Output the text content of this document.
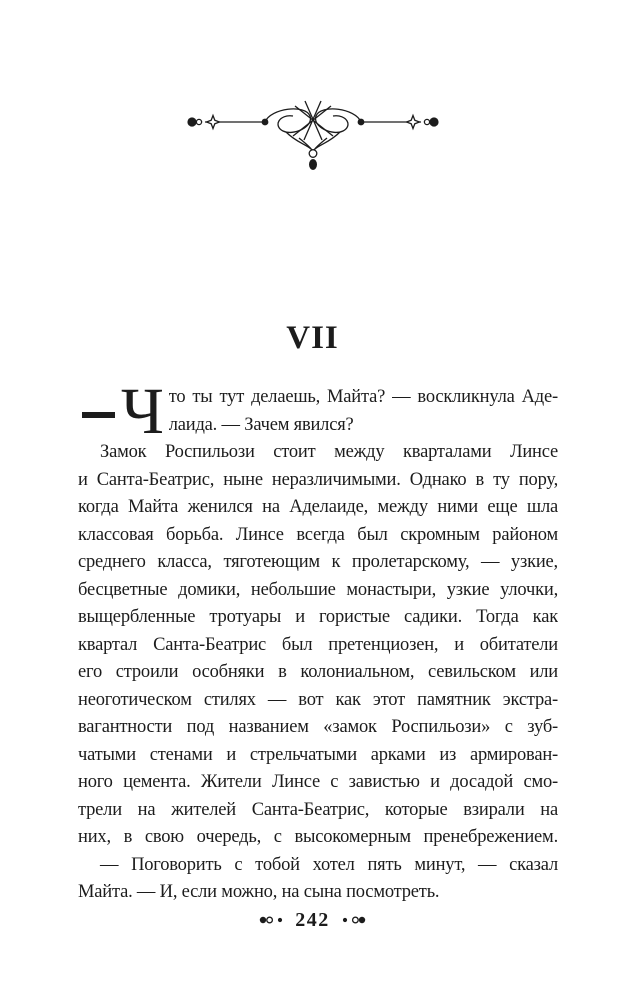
VII
Ч то ты тут делаешь, Майта? — воскликнула Аде-
лаида. — Зачем явился?
Замок Роспильози стоит между кварталами Линсе
и Санта-Беатрис, ныне неразличимыми. Однако в ту пору,
когда Майта женился на Аделаиде, между ними еще шла
классовая борьба. Линсе всегда был скромным районом
среднего класса, тяготеющим к пролетарскому, — узкие,
бесцветные домики, небольшие монастыри, узкие улочки,
выщербленные тротуары и гористые садики. Тогда как
квартал Санта-Беатрис был претенциозен, и обитатели
его строили особняки в колониальном, севильском или
неоготическом стилях — вот как этот памятник экстра-
вагантности под названием «замок Роспильози» с зуб-
чатыми стенами и стрельчатыми арками из армирован-
ного цемента. Жители Линсе с завистью и досадой смо-
трели на жителей Санта-Беатрис, которые взирали на
них, в свою очередь, с высокомерным пренебрежением.
— Поговорить с тобой хотел пять минут, — сказал
Майта. — И, если можно, на сына посмотреть.
242
